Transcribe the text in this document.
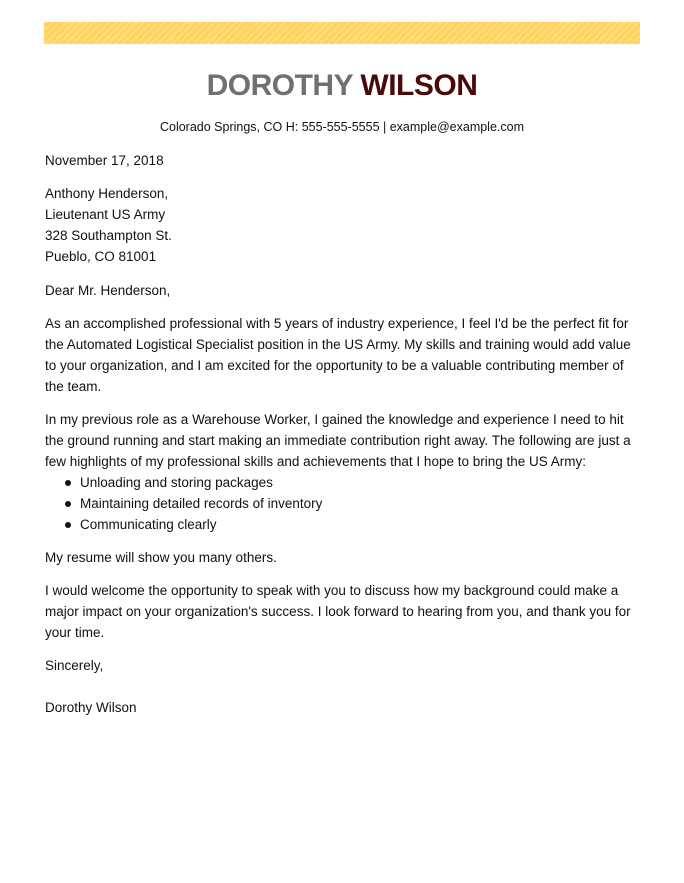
DOROTHY WILSON
Colorado Springs, CO H: 555-555-5555 | example@example.com

November 17, 2018

Anthony Henderson,

Lieutenant US Army

328 Southampton St.

Pueblo, CO 81001

Dear Mr. Henderson,

As an accomplished professional with 5 years of industry experience, I feel I'd be the perfect fit for the Automated Logistical Specialist position in the US Army. My skills and training would add value to your organization, and I am excited for the opportunity to be a valuable contributing member of the team.

In my previous role as a Warehouse Worker, I gained the knowledge and experience I need to hit the ground running and start making an immediate contribution right away. The following are just a few highlights of my professional skills and achievements that I hope to bring the US Army:

Unloading and storing packages
Maintaining detailed records of inventory
Communicating clearly

My resume will show you many others.

I would welcome the opportunity to speak with you to discuss how my background could make a major impact on your organization's success. I look forward to hearing from you, and thank you for your time.

Sincerely,

Dorothy Wilson
